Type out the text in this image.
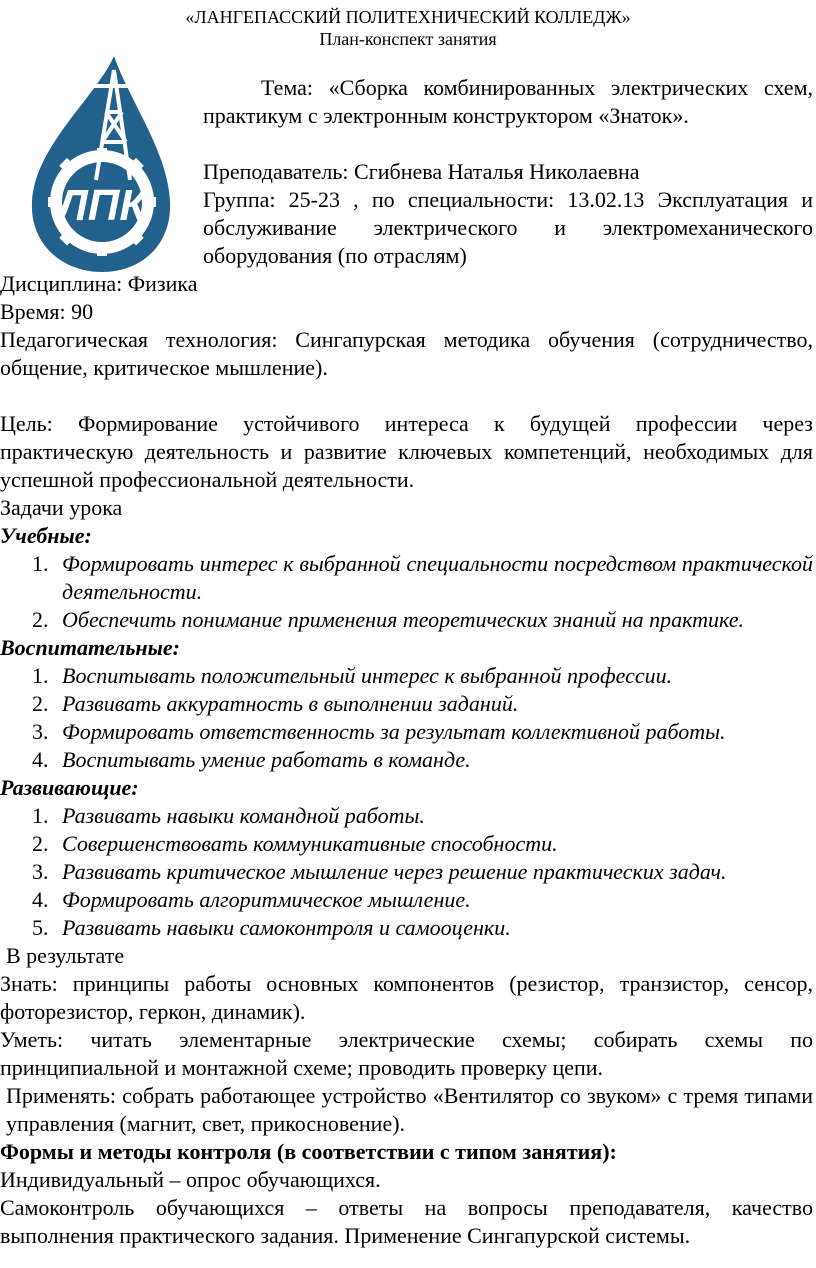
«ЛАНГЕПАССКИЙ ПОЛИТЕХНИЧЕСКИЙ КОЛЛЕДЖ»
План-конспект занятия
ЛПК

Тема: «Сборка комбинированных электрических схем, практикум с электронным конструктором «Знаток».

Преподаватель: Сгибнева Наталья Николаевна

Группа: 25-23 , по специальности: 13.02.13 Эксплуатация и обслуживание электрического и электромеханического оборудования (по отраслям)

Дисциплина: Физика

Время: 90

Педагогическая технология: Сингапурская методика обучения (сотрудничество, общение, критическое мышление).

Цель: Формирование устойчивого интереса к будущей профессии через практическую деятельность и развитие ключевых компетенций, необходимых для успешной профессиональной деятельности.

Задачи урока

Учебные:

1. Формировать интерес к выбранной специальности посредством практической деятельности.
2. Обеспечить понимание применения теоретических знаний на практике.

Воспитательные:

1. Воспитывать положительный интерес к выбранной профессии.
2. Развивать аккуратность в выполнении заданий.
3. Формировать ответственность за результат коллективной работы.
4. Воспитывать умение работать в команде.

Развивающие:

1. Развивать навыки командной работы.
2. Совершенствовать коммуникативные способности.
3. Развивать критическое мышление через решение практических задач.
4. Формировать алгоритмическое мышление.
5. Развивать навыки самоконтроля и самооценки.

В результате

Знать: принципы работы основных компонентов (резистор, транзистор, сенсор, фоторезистор, геркон, динамик).

Уметь: читать элементарные электрические схемы; собирать схемы по принципиальной и монтажной схеме; проводить проверку цепи.

Применять: собрать работающее устройство «Вентилятор со звуком» с тремя типами управления (магнит, свет, прикосновение).

Формы и методы контроля (в соответствии с типом занятия):

Индивидуальный – опрос обучающихся.

Самоконтроль обучающихся – ответы на вопросы преподавателя, качество выполнения практического задания. Применение Сингапурской системы.
